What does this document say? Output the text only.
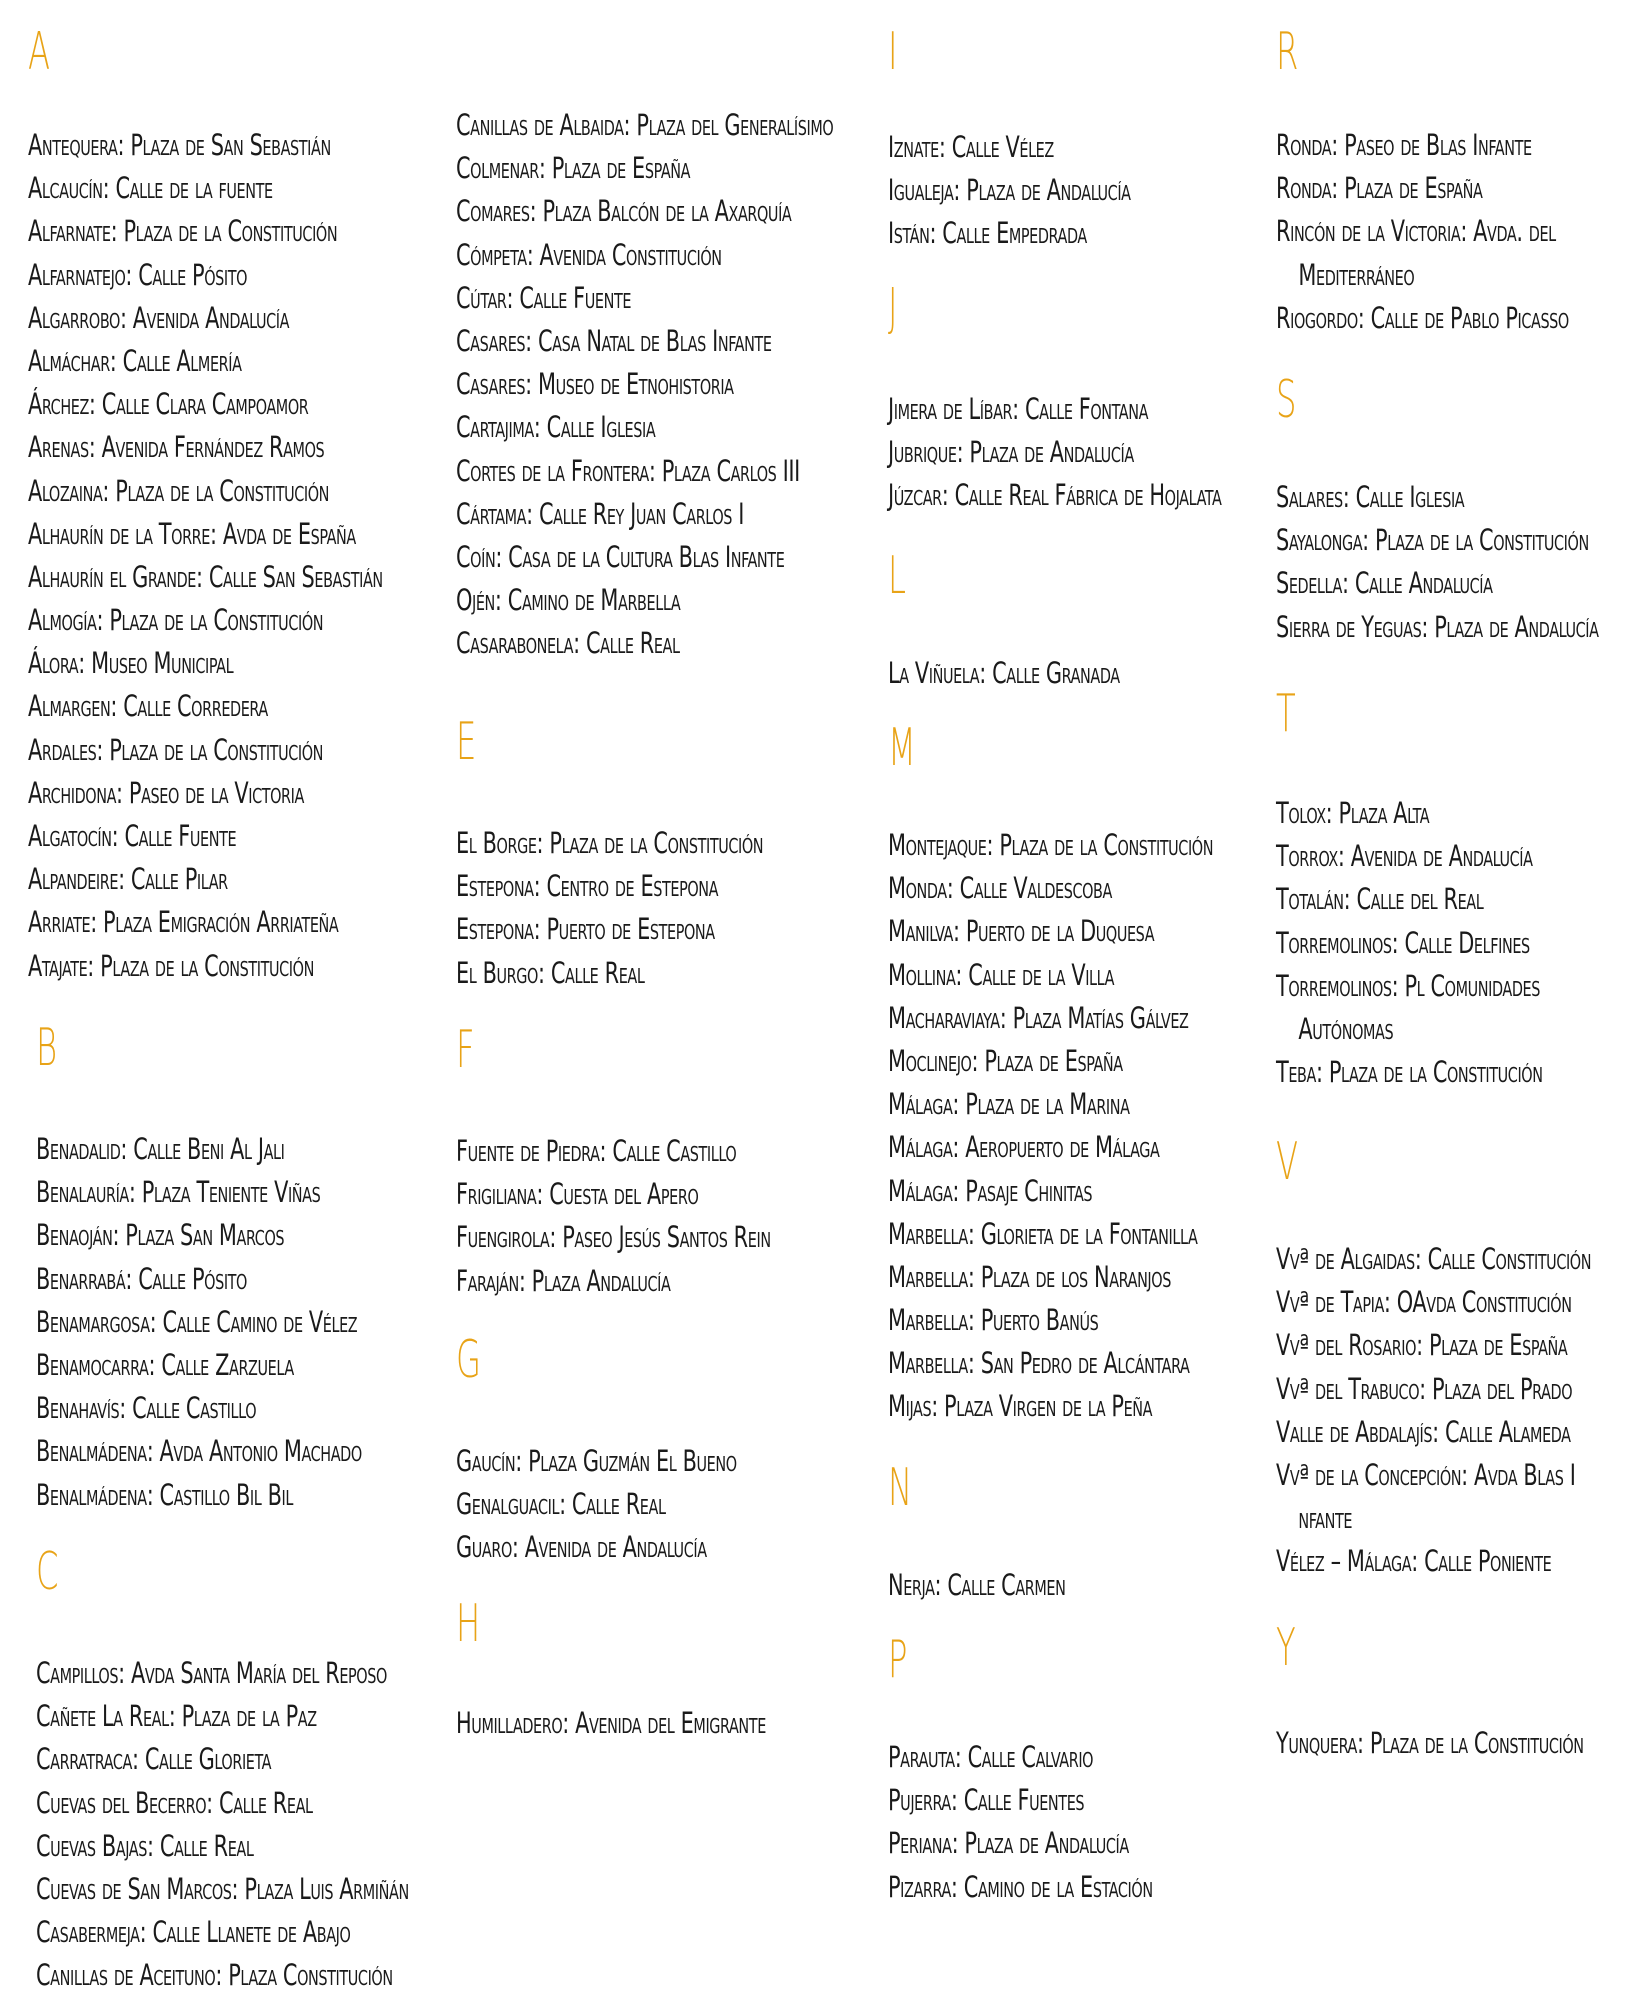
A
Antequera: Plaza de San Sebastián
Alcaucín: Calle de la fuente
Alfarnate: Plaza de la Constitución
Alfarnatejo: Calle Pósito
Algarrobo: Avenida Andalucía
Almáchar: Calle Almería
Árchez: Calle Clara Campoamor
Arenas: Avenida Fernández Ramos
Alozaina: Plaza de la Constitución
Alhaurín de la Torre: Avda de España
Alhaurín el Grande: Calle San Sebastián
Almogía: Plaza de la Constitución
Álora: Museo Municipal
Almargen: Calle Corredera
Ardales: Plaza de la Constitución
Archidona: Paseo de la Victoria
Algatocín: Calle Fuente
Alpandeire: Calle Pilar
Arriate: Plaza Emigración Arriateña
Atajate: Plaza de la Constitución
B
Benadalid: Calle Beni Al Jali
Benalauría: Plaza Teniente Viñas
Benaoján: Plaza San Marcos
Benarrabá: Calle Pósito
Benamargosa: Calle Camino de Vélez
Benamocarra: Calle Zarzuela
Benahavís: Calle Castillo
Benalmádena: Avda Antonio Machado
Benalmádena: Castillo Bil Bil
C
Campillos: Avda Santa María del Reposo
Cañete La Real: Plaza de la Paz
Carratraca: Calle Glorieta
Cuevas del Becerro: Calle Real
Cuevas Bajas: Calle Real
Cuevas de San Marcos: Plaza Luis Armiñán
Casabermeja: Calle Llanete de Abajo
Canillas de Aceituno: Plaza Constitución
Canillas de Albaida: Plaza del Generalísimo
Colmenar: Plaza de España
Comares: Plaza Balcón de la Axarquía
Cómpeta: Avenida Constitución
Cútar: Calle Fuente
Casares: Casa Natal de Blas Infante
Casares: Museo de Etnohistoria
Cartajima: Calle Iglesia
Cortes de la Frontera: Plaza Carlos III
Cártama: Calle Rey Juan Carlos I
Coín: Casa de la Cultura Blas Infante
Ojén: Camino de Marbella
Casarabonela: Calle Real
E
El Borge: Plaza de la Constitución
Estepona: Centro de Estepona
Estepona: Puerto de Estepona
El Burgo: Calle Real
F
Fuente de Piedra: Calle Castillo
Frigiliana: Cuesta del Apero
Fuengirola: Paseo Jesús Santos Rein
Faraján: Plaza Andalucía
G
Gaucín: Plaza Guzmán El Bueno
Genalguacil: Calle Real
Guaro: Avenida de Andalucía
H
Humilladero: Avenida del Emigrante
I
Iznate: Calle Vélez
Igualeja: Plaza de Andalucía
Istán: Calle Empedrada
J
Jimera de Líbar: Calle Fontana
Jubrique: Plaza de Andalucía
Júzcar: Calle Real Fábrica de Hojalata
L
La Viñuela: Calle Granada
M
Montejaque: Plaza de la Constitución
Monda: Calle Valdescoba
Manilva: Puerto de la Duquesa
Mollina: Calle de la Villa
Macharaviaya: Plaza Matías Gálvez
Moclinejo: Plaza de España
Málaga: Plaza de la Marina
Málaga: Aeropuerto de Málaga
Málaga: Pasaje Chinitas
Marbella: Glorieta de la Fontanilla
Marbella: Plaza de los Naranjos
Marbella: Puerto Banús
Marbella: San Pedro de Alcántara
Mijas: Plaza Virgen de la Peña
N
Nerja: Calle Carmen
P
Parauta: Calle Calvario
Pujerra: Calle Fuentes
Periana: Plaza de Andalucía
Pizarra: Camino de la Estación
R
Ronda: Paseo de Blas Infante
Ronda: Plaza de España
Rincón de la Victoria: Avda. del
Mediterráneo
Riogordo: Calle de Pablo Picasso
S
Salares: Calle Iglesia
Sayalonga: Plaza de la Constitución
Sedella: Calle Andalucía
Sierra de Yeguas: Plaza de Andalucía
T
Tolox: Plaza Alta
Torrox: Avenida de Andalucía
Totalán: Calle del Real
Torremolinos: Calle Delfines
Torremolinos: Pl Comunidades
Autónomas
Teba: Plaza de la Constitución
V
Vvª de Algaidas: Calle Constitución
Vvª de Tapia: OAvda Constitución
Vvª del Rosario: Plaza de España
Vvª del Trabuco: Plaza del Prado
Valle de Abdalajís: Calle Alameda
Vvª de la Concepción: Avda Blas I
nfante
Vélez – Málaga: Calle Poniente
Y
Yunquera: Plaza de la Constitución
